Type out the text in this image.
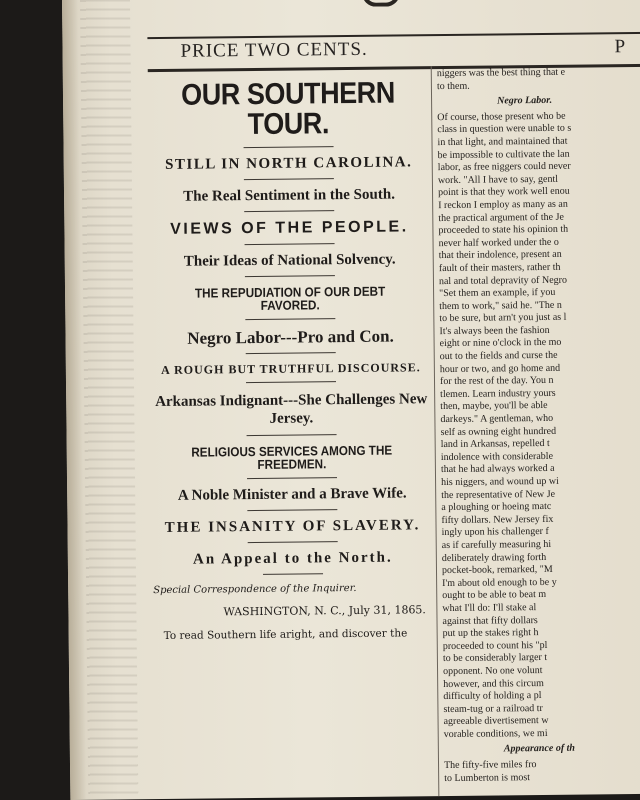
PRICE TWO CENTS.	P

OUR SOUTHERN TOUR.

STILL IN NORTH CAROLINA.

The Real Sentiment in the South.

VIEWS OF THE PEOPLE.

Their Ideas of National Solvency.

THE REPUDIATION OF OUR DEBT FAVORED.

Negro Labor---Pro and Con.

A ROUGH BUT TRUTHFUL DISCOURSE.

Arkansas Indignant---She Challenges New Jersey.

RELIGIOUS SERVICES AMONG THE FREEDMEN.

A Noble Minister and a Brave Wife.

THE INSANITY OF SLAVERY.

An Appeal to the North.

Special Correspondence of the Inquirer.

WASHINGTON, N. C., July 31, 1865.

To read Southern life aright, and discover the

niggers was the best thing that e

to them.

Negro Labor.

Of course, those present who be

class in question were unable to s

in that light, and maintained that

be impossible to cultivate the lan

labor, as free niggers could never

work. "All I have to say, gentl

point is that they work well enou

I reckon I employ as many as an

the practical argument of the Je

proceeded to state his opinion th

never half worked under the o

that their indolence, present an

fault of their masters, rather th

nal and total depravity of Negro

"Set them an example, if you

them to work," said he. "The n

to be sure, but arn't you just as l

It's always been the fashion

eight or nine o'clock in the mo

out to the fields and curse the

hour or two, and go home and

for the rest of the day. You n

tlemen. Learn industry yours

then, maybe, you'll be able

darkeys." A gentleman, who

self as owning eight hundred

land in Arkansas, repelled t

indolence with considerable

that he had always worked a

his niggers, and wound up wi

the representative of New Je

a ploughing or hoeing matc

fifty dollars. New Jersey fix

ingly upon his challenger f

as if carefully measuring hi

deliberately drawing forth

pocket-book, remarked, "M

I'm about old enough to be y

ought to be able to beat m

what I'll do: I'll stake al

against that fifty dollars

put up the stakes right h

proceeded to count his "pl

to be considerably larger t

opponent. No one volunt

however, and this circum

difficulty of holding a pl

steam-tug or a railroad tr

agreeable divertisement w

vorable conditions, we mi

Appearance of th

The fifty-five miles fro

to Lumberton is most
